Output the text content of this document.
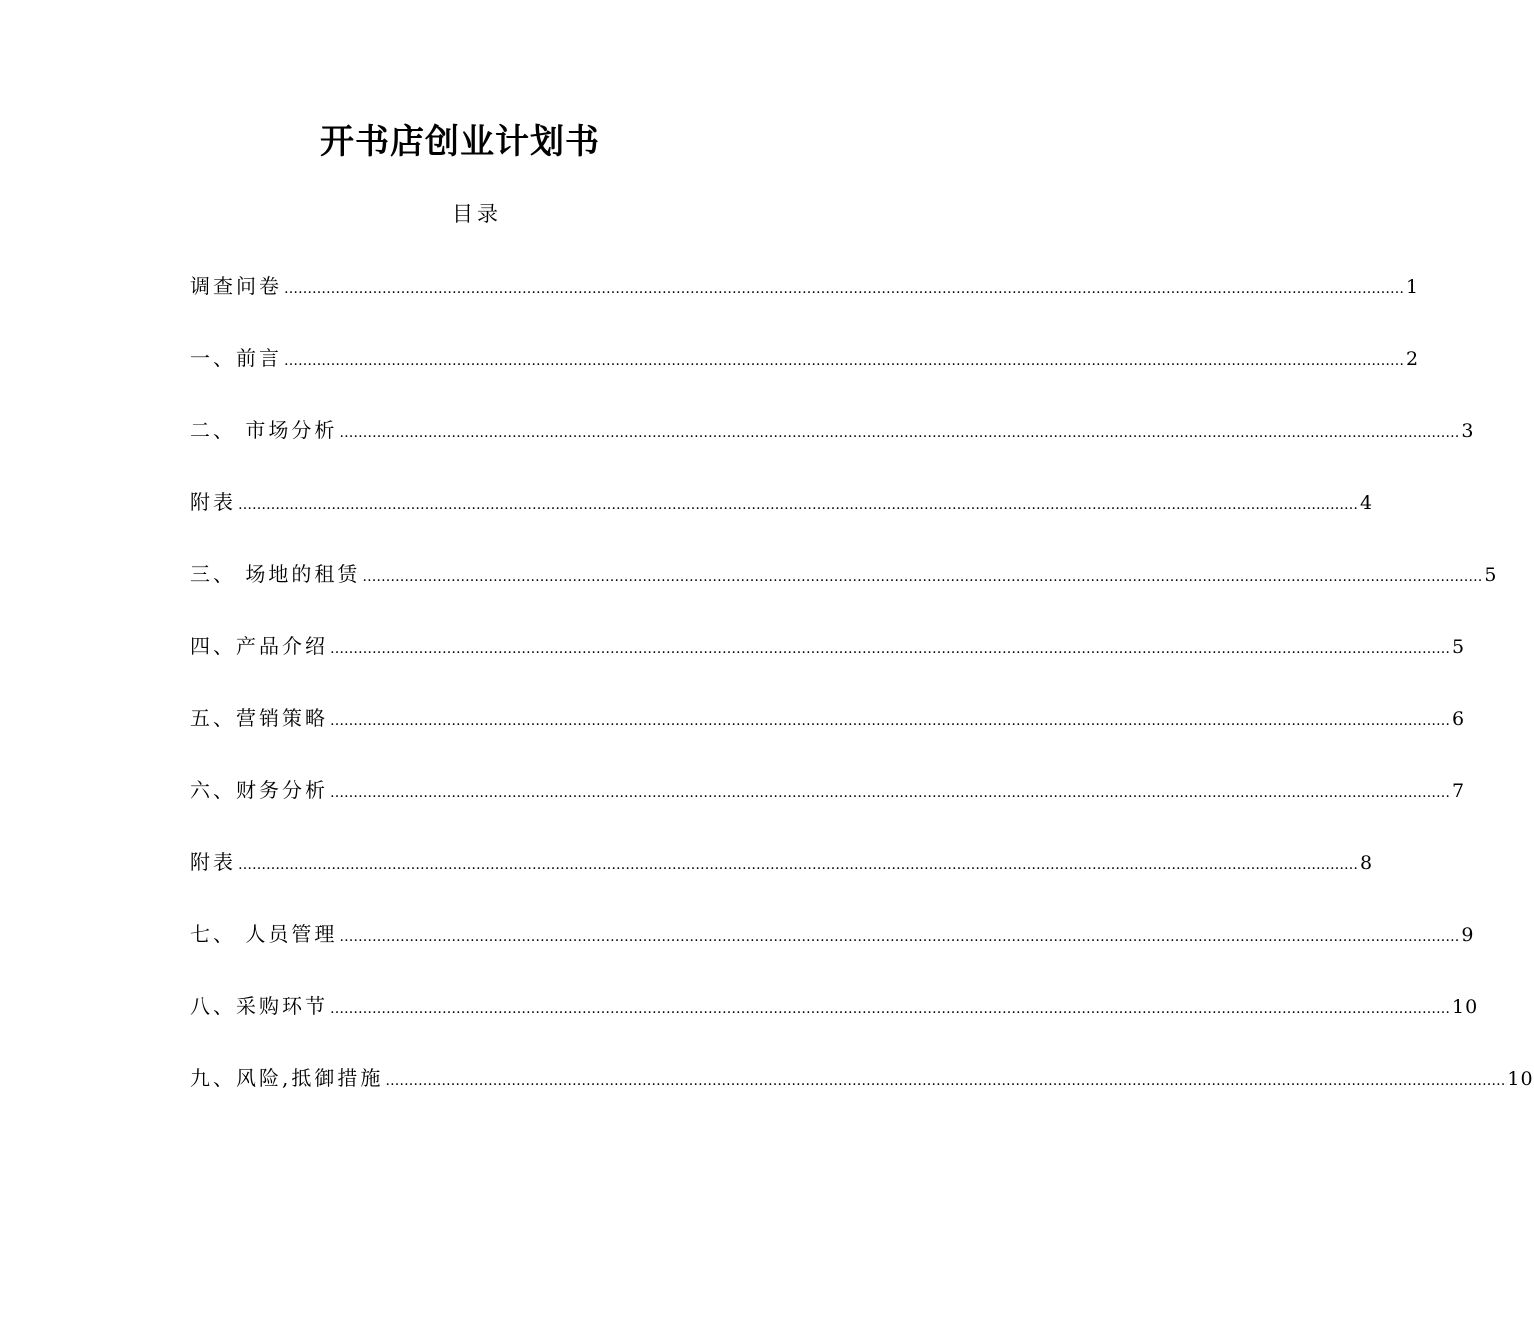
开书店创业计划书
目录
调查问卷 …………………………………………………………………………………………………………………………………………………………………………………………………………………… 1
一、前言 …………………………………………………………………………………………………………………………………………………………………………………………………………………… 2
二、 市场分析 …………………………………………………………………………………………………………………………………………………………………………………………………………………… 3
附表 …………………………………………………………………………………………………………………………………………………………………………………………………………………… 4
三、 场地的租赁 …………………………………………………………………………………………………………………………………………………………………………………………………………………… 5
四、产品介绍 …………………………………………………………………………………………………………………………………………………………………………………………………………………… 5
五、营销策略 …………………………………………………………………………………………………………………………………………………………………………………………………………………… 6
六、财务分析 …………………………………………………………………………………………………………………………………………………………………………………………………………………… 7
附表 …………………………………………………………………………………………………………………………………………………………………………………………………………………… 8
七、 人员管理 …………………………………………………………………………………………………………………………………………………………………………………………………………………… 9
八、采购环节 …………………………………………………………………………………………………………………………………………………………………………………………………………………… 10
九、风险,抵御措施 …………………………………………………………………………………………………………………………………………………………………………………………………………………… 10
